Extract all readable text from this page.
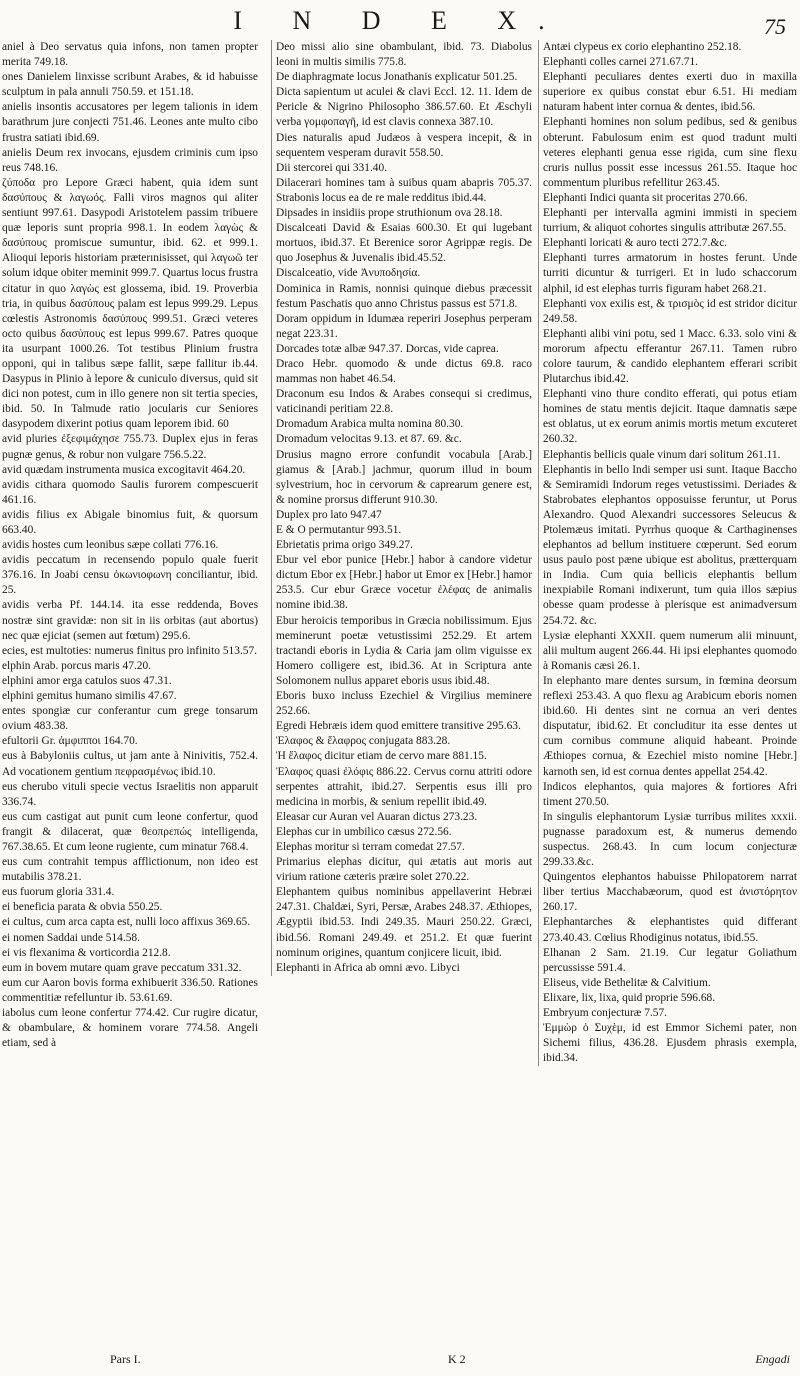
I N D E X.	75

aniel à Deo servatus quia infons, non tamen propter merita 749.18.

ones Danielem linxisse scribunt Arabes, & id habuisse sculptum in pala annuli 750.59. et 151.18.

anielis insontis accusatores per legem talionis in idem barathrum jure conjecti 751.46. Leones ante multo cibo frustra satiati ibid.69.

anielis Deum rex invocans, ejusdem criminis cum ipso reus 748.16.

ζύποδα pro Lepore Græci habent, quia idem sunt δασύπους & λαγωός. Falli viros magnos qui aliter sentiunt 997.61. Dasypodi Aristotelem passim tribuere quæ leporis sunt propria 998.1. In eodem λαγὼς & δασύπους promiscue sumuntur, ibid. 62. et 999.1. Alioqui leporis historiam præterınisisset, qui λαγωῶ ter solum idque obiter meminit 999.7. Quartus locus frustra citatur in quo λαγὼς est glossema, ibid. 19. Proverbia tria, in quibus δασύπους palam est lepus 999.29. Lepus cœlestis Astronomis δασύπους 999.51. Græci veteres octo quibus δασύπους est lepus 999.67. Patres quoque ita usurpant 1000.26. Tot testibus Plinium frustra opponi, qui in talibus sæpe fallit, sæpe fallitur ib.44. Dasypus in Plinio à lepore & cuniculo diversus, quid sit dici non potest, cum in illo genere non sit tertia species, ibid. 50. In Talmude ratio jocularis cur Seniores dasypodem dixerint potius quam leporem ibid. 60

avid pluries ἐξεφιμάχησε 755.73. Duplex ejus in feras pugnæ genus, & robur non vulgare 756.5.22.

avid quædam instrumenta musica excogitavit 464.20.

avidis cithara quomodo Saulis furorem compescuerit 461.16.

avidis filius ex Abigale binomius fuit, & quorsum 663.40.

avidis hostes cum leonibus sæpe collati 776.16.

avidis peccatum in recensendo populo quale fuerit 376.16. In Joabi censu ὀκωνιοφωνη conciliantur, ibid. 25.

avidis verba Pf. 144.14. ita esse reddenda, Boves nostræ sint gravidæ: non sit in iis orbitas (aut abortus) nec quæ ejiciat (semen aut fœtum) 295.6.

ecies, est multoties: numerus finitus pro infinito 513.57.

elphin Arab. porcus maris 47.20.

elphini amor erga catulos suos 47.31.

elphini gemitus humano similis 47.67.

entes spongiæ cur conferantur cum grege tonsarum ovium 483.38.

efultorii Gr. ἀμφιπποι 164.70.

eus à Babyloniis cultus, ut jam ante à Ninivitis, 752.4. Ad vocationem gentium πεφρασμένως ibid.10.

eus cherubo vituli specie vectus Israelitis non apparuit 336.74.

eus cum castigat aut punit cum leone confertur, quod frangit & dilacerat, quæ θεοπρεπώς intelligenda, 767.38.65. Et cum leone rugiente, cum minatur 768.4.

eus cum contrahit tempus afflictionum, non ideo est mutabilis 378.21.

eus fuorum gloria 331.4.

ei beneficia parata & obvia 550.25.

ei cultus, cum arca capta est, nulli loco affixus 369.65.

ei nomen Saddai unde 514.58.

ei vis flexanima & vorticordia 212.8.

eum in bovem mutare quam grave peccatum 331.32.

eum cur Aaron bovis forma exhibuerit 336.50. Rationes commentitiæ refelluntur ib. 53.61.69.

iabolus cum leone confertur 774.42. Cur rugire dicatur, & obambulare, & hominem vorare 774.58. Angeli etiam, sed à

Deo missi alio sine obambulant, ibid. 73. Diabolus leoni in multis similis 775.8.

De diaphragmate locus Jonathanis explicatur 501.25.

Dicta sapientum ut aculei & clavi Eccl. 12. 11. Idem de Pericle & Nigrino Philosopho 386.57.60. Et Æschyli verba γομφοπαγῆ, id est clavis connexa 387.10.

Dies naturalis apud Judæos à vespera incepit, & in sequentem vesperam duravit 558.50.

Dii stercorei qui 331.40.

Dilacerari homines tam à suibus quam abapris 705.37. Strabonis locus ea de re male redditus ibid.44.

Dipsades in insidiis prope struthionum ova 28.18.

Discalceati David & Esaias 600.30. Et qui lugebant mortuos, ibid.37. Et Berenice soror Agrippæ regis. De quo Josephus & Juvenalis ibid.45.52.

Discalceatio, vide Ἀνυποδησία.

Dominica in Ramis, nonnisi quinque diebus præcessit festum Paschatis quo anno Christus passus est 571.8.

Doram oppidum in Idumæa reperiri Josephus perperam negat 223.31.

Dorcades totæ albæ 947.37. Dorcas, vide caprea.

Draco Hebr. quomodo & unde dictus 69.8. raco mammas non habet 46.54.

Draconum esu Indos & Arabes consequi si credimus, vaticinandi peritiam 22.8.

Dromadum Arabica multa nomina 80.30.

Dromadum velocitas 9.13. et 87. 69. &c.

Drusius magno errore confundit vocabula [Arab.] giamus & [Arab.] jachmur, quorum illud in boum sylvestrium, hoc in cervorum & caprearum genere est, & nomine prorsus differunt 910.30.

Duplex pro lato 947.47

E & O permutantur 993.51.

Ebrietatis prima origo 349.27.

Ebur vel ebor punice [Hebr.] habor à candore videtur dictum Ebor ex [Hebr.] habor ut Emor ex [Hebr.] hamor 253.5. Cur ebur Græce vocetur ἐλέφας de animalis nomine ibid.38.

Ebur heroicis temporibus in Græcia nobilissimum. Ejus meminerunt poetæ vetustissimi 252.29. Et artem tractandi eboris in Lydia & Caria jam olim viguisse ex Homero colligere est, ibid.36. At in Scriptura ante Solomonem nullus apparet eboris usus ibid.48.

Eboris buxo incluss Ezechiel & Virgilius meminere 252.66.

Egredi Hebræis idem quod emittere transitive 295.63.

Ἐλαφος & ἔλαφρος conjugata 883.28.

Ἡ ἔλαφος dicitur etiam de cervo mare 881.15.

Ἐλαφος quasi ἐλόφις 886.22. Cervus cornu attriti odore serpentes attrahit, ibid.27. Serpentis esus illi pro medicina in morbis, & senium repellit ibid.49.

Eleasar cur Auran vel Auaran dictus 273.23.

Elephas cur in umbilico cæsus 272.56.

Elephas moritur si terram comedat 27.57.

Primarius elephas dicitur, qui ætatis aut moris aut virium ratione cæteris præire solet 270.22.

Elephantem quibus nominibus appellaverint Hebræi 247.31. Chaldæi, Syri, Persæ, Arabes 248.37. Æthiopes, Ægyptii ibid.53. Indi 249.35. Mauri 250.22. Græci, ibid.56. Romani 249.49. et 251.2. Et quæ fuerint nominum origines, quantum conjicere licuit, ibid.

Elephanti in Africa ab omni ævo. Libyci

Antæi clypeus ex corio elephantino 252.18.

Elephanti colles carnei 271.67.71.

Elephanti peculiares dentes exerti duo in maxilla superiore ex quibus constat ebur 6.51. Hi mediam naturam habent inter cornua & dentes, ibid.56.

Elephanti homines non solum pedibus, sed & genibus obterunt. Fabulosum enim est quod tradunt multi veteres elephanti genua esse rigida, cum sine flexu cruris nullus possit esse incessus 261.55. Itaque hoc commentum pluribus refellitur 263.45.

Elephanti Indici quanta sit proceritas 270.66.

Elephanti per intervalla agmini immisti in speciem turrium, & aliquot cohortes singulis attributæ 267.55.

Elephanti loricati & auro tecti 272.7.&c.

Elephanti turres armatorum in hostes ferunt. Unde turriti dicuntur & turrigeri. Et in ludo schaccorum alphil, id est elephas turris figuram habet 268.21.

Elephanti vox exilis est, & τρισμὸς id est stridor dicitur 249.58.

Elephanti alibi vini potu, sed 1 Macc. 6.33. solo vini & mororum afpectu efferantur 267.11. Tamen rubro colore taurum, & candido elephantem efferari scribit Plutarchus ibid.42.

Elephanti vino thure condito efferati, qui potus etiam homines de statu mentis dejicit. Itaque damnatis sæpe est oblatus, ut ex eorum animis mortis metum excuteret 260.32.

Elephantis bellicis quale vinum dari solitum 261.11.

Elephantis in bello Indi semper usi sunt. Itaque Baccho & Semiramidi Indorum reges vetustissimi. Deriades & Stabrobates elephantos opposuisse feruntur, ut Porus Alexandro. Quod Alexandri successores Seleucus & Ptolemæus imitati. Pyrrhus quoque & Carthaginenses elephantos ad bellum instituere cœperunt. Sed eorum usus paulo post pæne ubique est abolitus, prætterquam in India. Cum quia bellicis elephantis bellum inexpiabile Romani indixerunt, tum quia illos sæpius obesse quam prodesse à plerisque est animadversum 254.72. &c.

Lysiæ elephanti XXXII. quem numerum alii minuunt, alii multum augent 266.44. Hi ipsi elephantes quomodo à Romanis cæsi 26.1.

In elephanto mare dentes sursum, in fœmina deorsum reflexi 253.43. A quo flexu ag Arabicum eboris nomen ibid.60. Hi dentes sint ne cornua an veri dentes disputatur, ibid.62. Et concluditur ita esse dentes ut cum cornibus commune aliquid habeant. Proinde Æthiopes cornua, & Ezechiel misto nomine [Hebr.] karnoth sen, id est cornua dentes appellat 254.42.

Indicos elephantos, quia majores & fortiores Afri timent 270.50.

In singulis elephantorum Lysiæ turribus milites xxxii. pugnasse paradoxum est, & numerus demendo suspectus. 268.43. In cum locum conjecturæ 299.33.&c.

Quingentos elephantos habuisse Philopatorem narrat liber tertius Macchabæorum, quod est ἀνιστόρητον 260.17.

Elephantarches & elephantistes quid differant 273.40.43. Cœlius Rhodiginus notatus, ibid.55.

Elhanan 2 Sam. 21.19. Cur legatur Goliathum percussisse 591.4.

Eliseus, vide Bethelitæ & Calvitium.

Elixare, lix, lixa, quid proprie 596.68.

Embryum conjecturæ 7.57.

Ἐμμὼρ ὁ Συχὲμ, id est Emmor Sichemi pater, non Sichemi filius, 436.28. Ejusdem phrasis exempla, ibid.34.

Pars I.	K 2	Engadi
